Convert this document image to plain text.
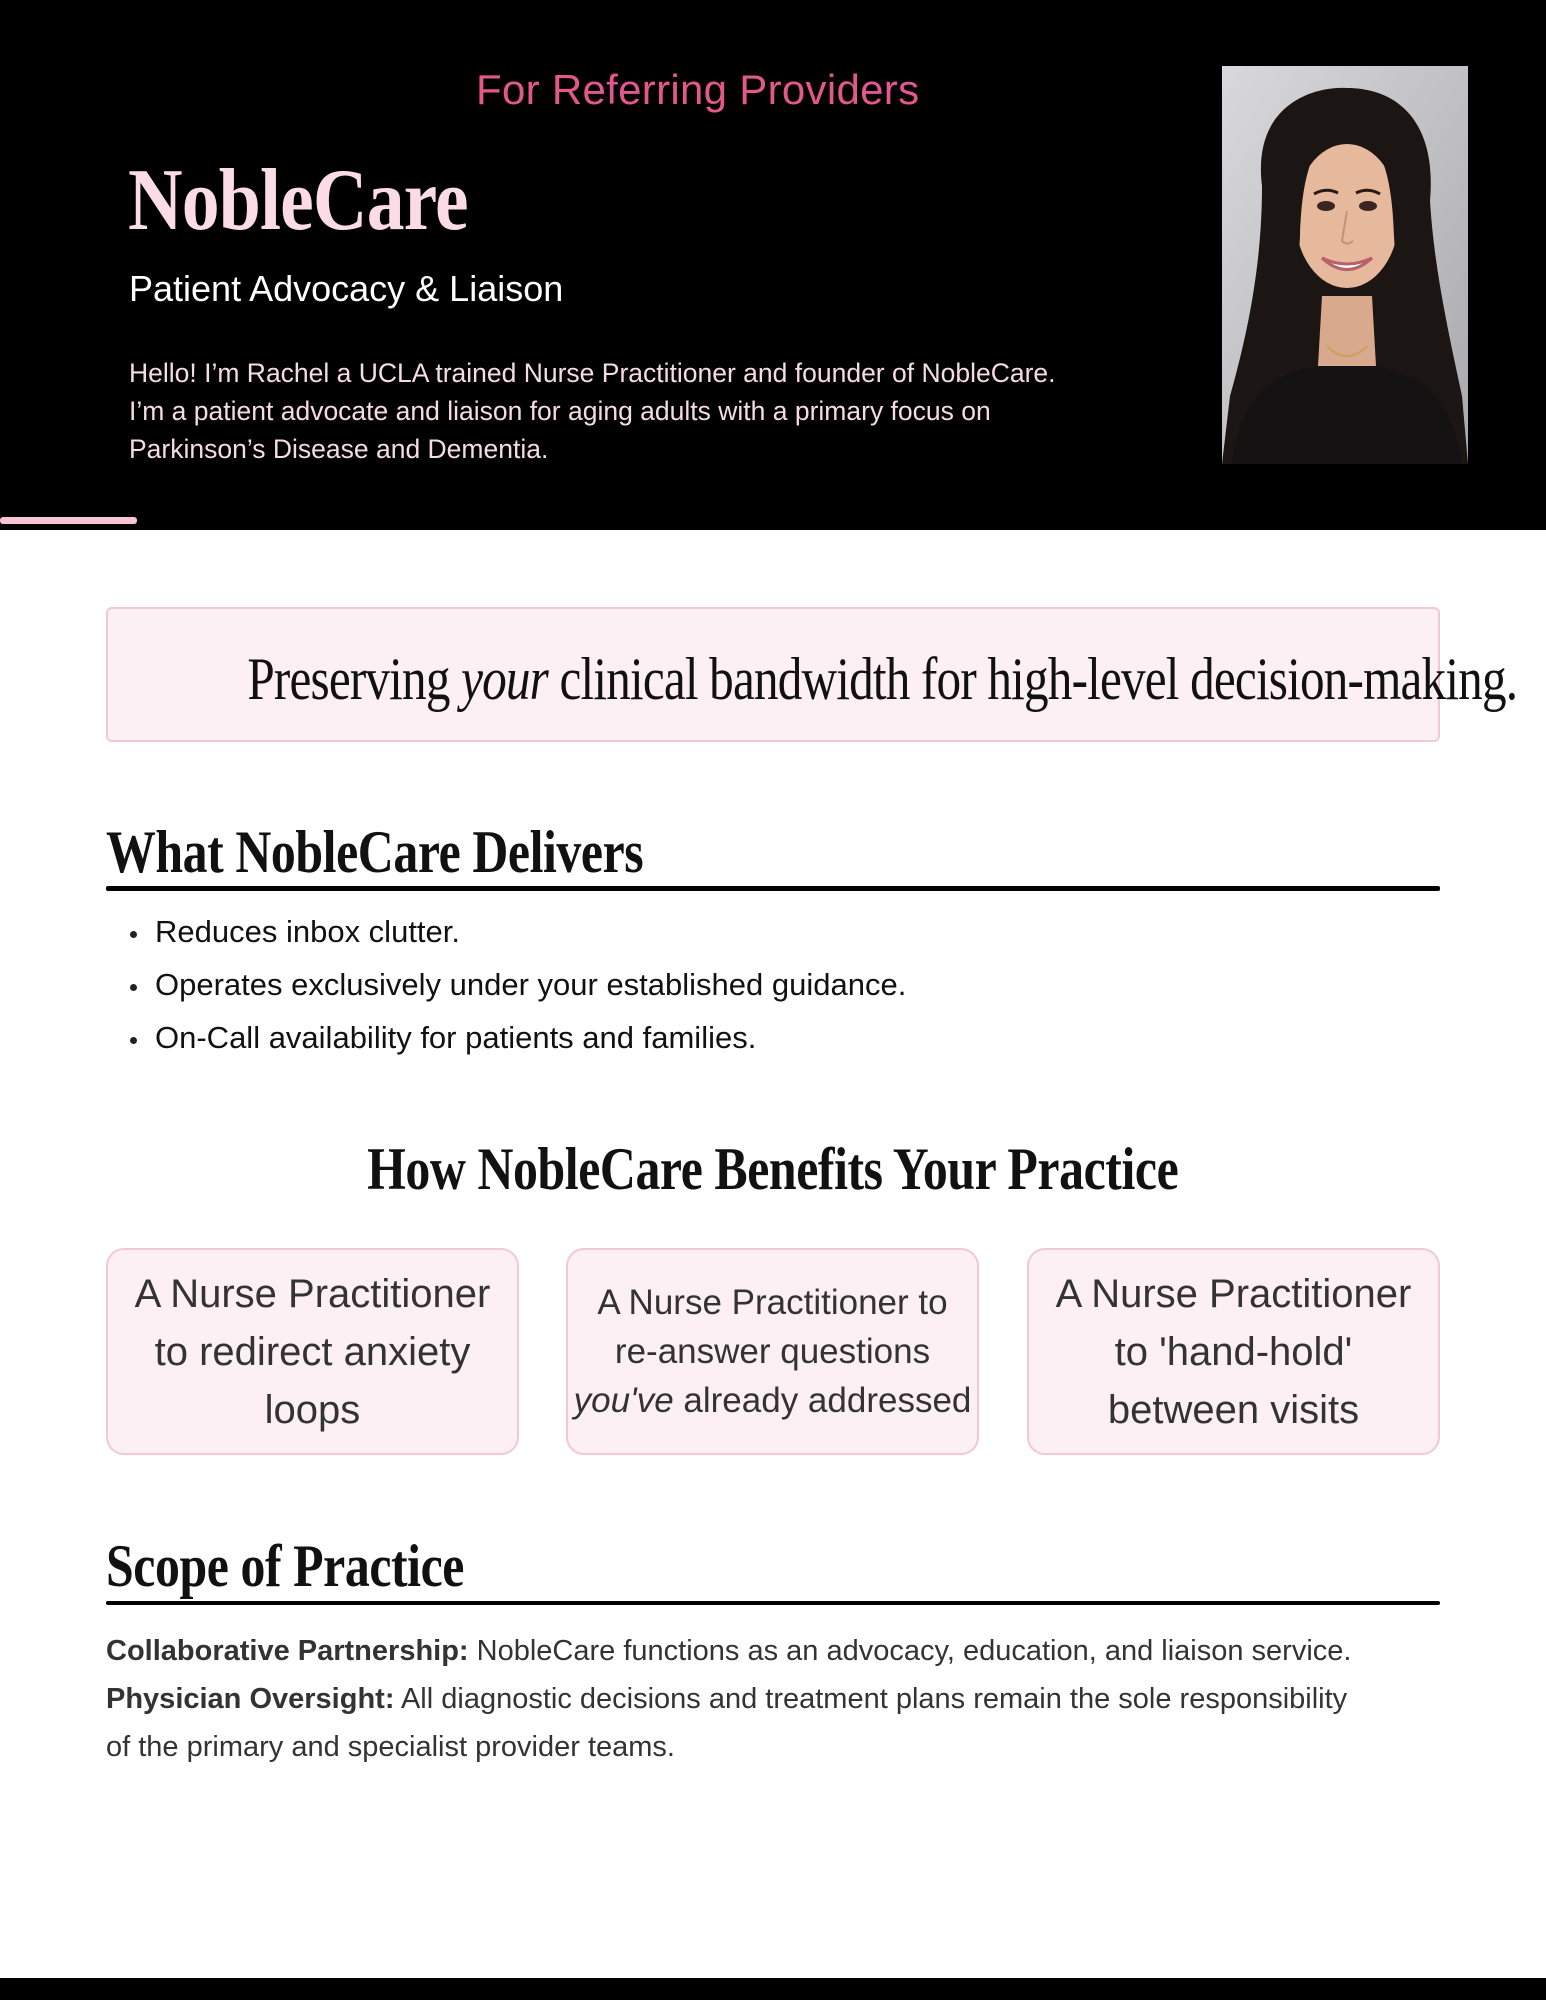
For Referring Providers
NobleCare
Patient Advocacy & Liaison

Hello! I’m Rachel a UCLA trained Nurse Practitioner and founder of NobleCare.

I’m a patient advocate and liaison for aging adults with a primary focus on

Parkinson’s Disease and Dementia.

Preserving your clinical bandwidth for high-level decision-making.
What NobleCare Delivers
Reduces inbox clutter.
Operates exclusively under your established guidance.
On-Call availability for patients and families.
How NobleCare Benefits Your Practice
A Nurse Practitioner
to redirect anxiety
loops
A Nurse Practitioner to
re-answer questions
you've already addressed
A Nurse Practitioner
to 'hand-hold'
between visits
Scope of Practice

Collaborative Partnership: NobleCare functions as an advocacy, education, and liaison service.

Physician Oversight: All diagnostic decisions and treatment plans remain the sole responsibility

of the primary and specialist provider teams.
